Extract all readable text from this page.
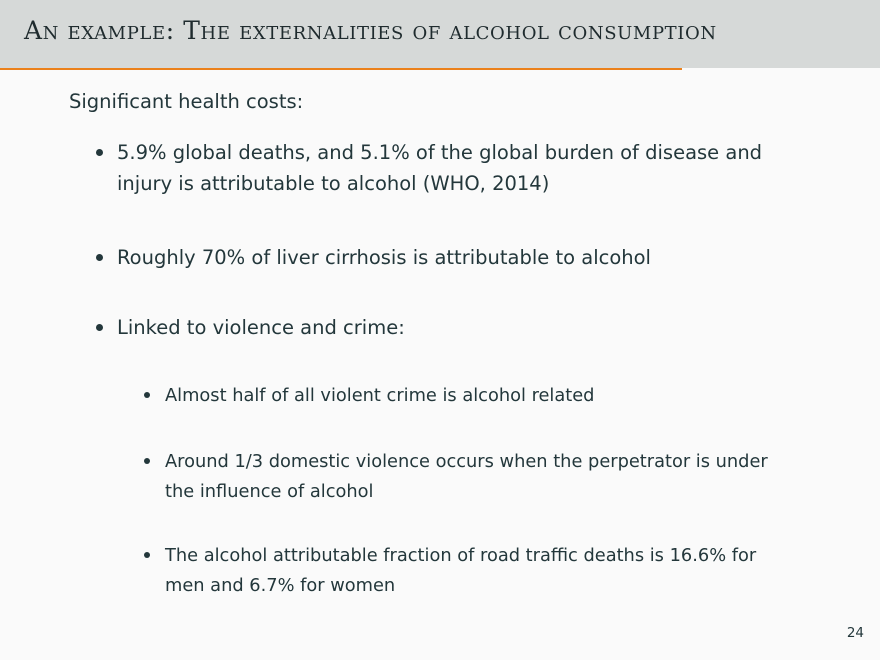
An example: The externalities of alcohol consumption
Significant health costs:
5.9% global deaths, and 5.1% of the global burden of disease and
injury is attributable to alcohol (WHO, 2014)
Roughly 70% of liver cirrhosis is attributable to alcohol
Linked to violence and crime:
Almost half of all violent crime is alcohol related
Around 1/3 domestic violence occurs when the perpetrator is under
the influence of alcohol
The alcohol attributable fraction of road traffic deaths is 16.6% for
men and 6.7% for women
24
